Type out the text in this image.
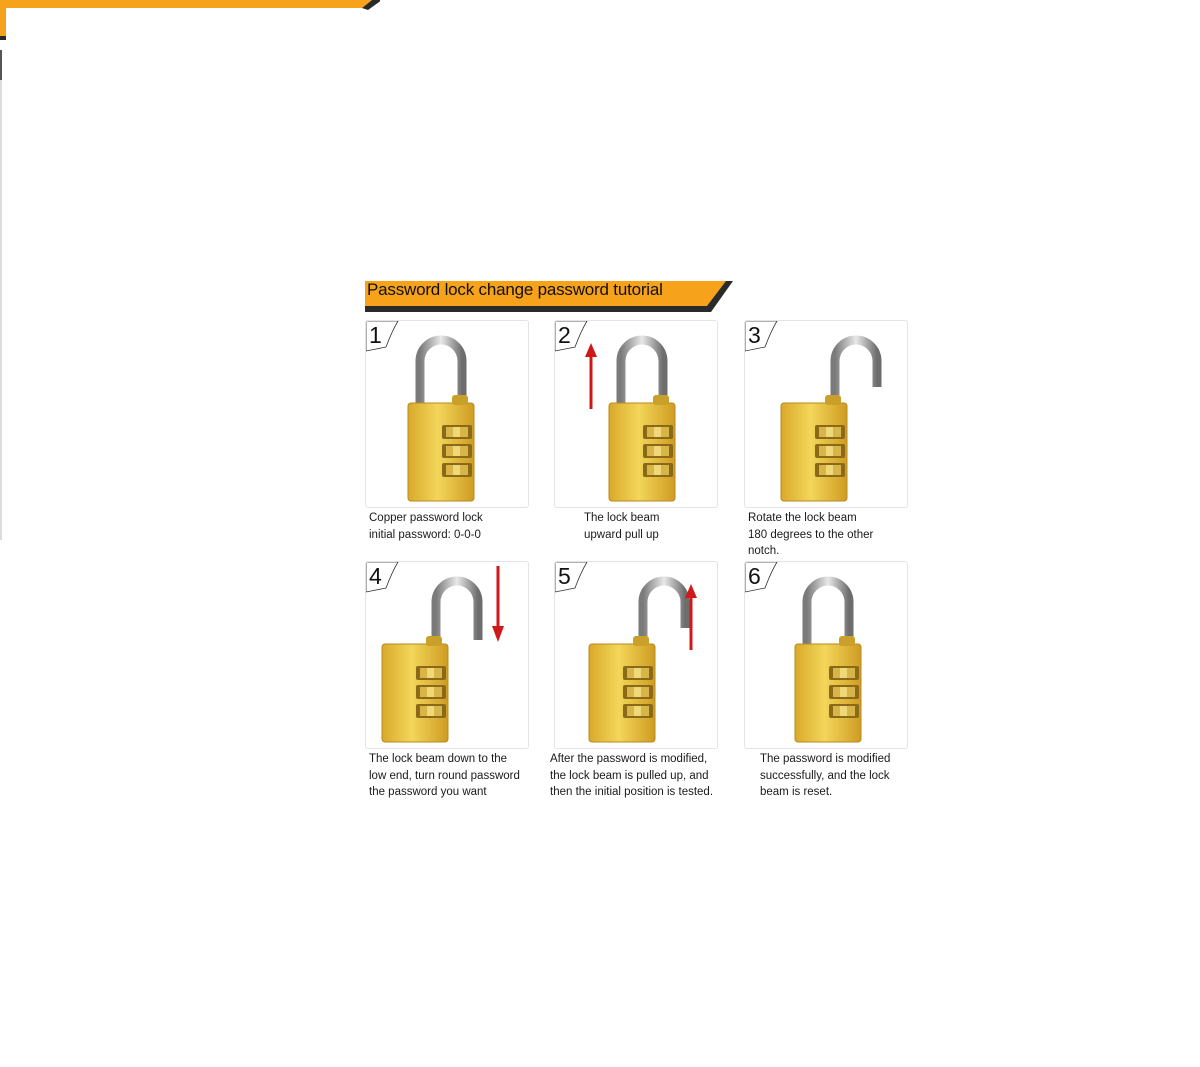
Password lock change password tutorial
1
Copper password lock
initial password: 0-0-0
2
The lock beam
upward pull up
3
Rotate the lock beam
180 degrees to the other
notch.
4
The lock beam down to the
low end, turn round password
the password you want
5
After the password is modified,
the lock beam is pulled up, and
then the initial position is tested.
6
The password is modified
successfully, and the lock
beam is reset.
